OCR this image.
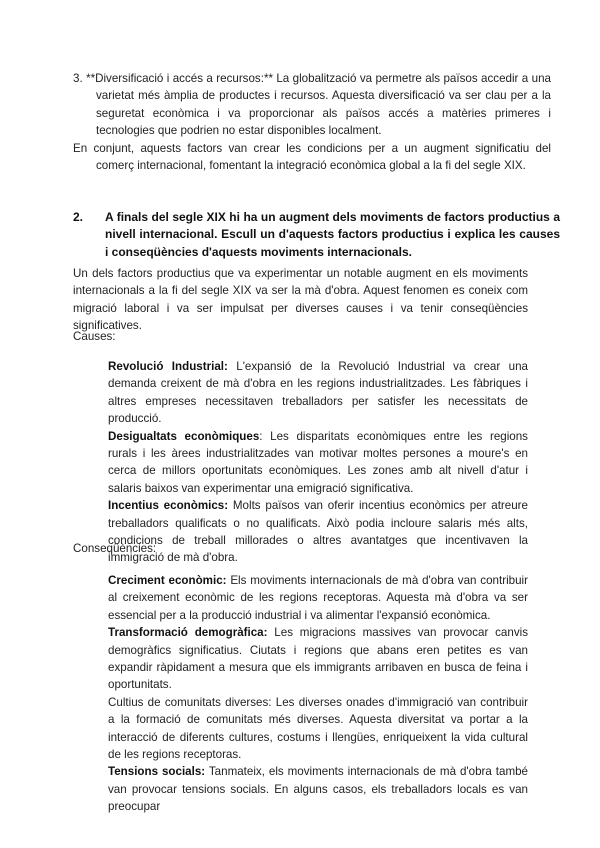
3. **Diversificació i accés a recursos:** La globalització va permetre als països accedir a una varietat més àmplia de productes i recursos. Aquesta diversificació va ser clau per a la seguretat econòmica i va proporcionar als països accés a matèries primeres i tecnologies que podrien no estar disponibles localment.

En conjunt, aquests factors van crear les condicions per a un augment significatiu del comerç internacional, fomentant la integració econòmica global a la fi del segle XIX.

2. A finals del segle XIX hi ha un augment dels moviments de factors productius a nivell internacional. Escull un d'aquests factors productius i explica les causes i conseqüències d'aquests moviments internacionals.

Un dels factors productius que va experimentar un notable augment en els moviments internacionals a la fi del segle XIX va ser la mà d'obra. Aquest fenomen es coneix com migració laboral i va ser impulsat per diverses causes i va tenir conseqüències significatives.

Causes:

Revolució Industrial: L'expansió de la Revolució Industrial va crear una demanda creixent de mà d'obra en les regions industrialitzades. Les fàbriques i altres empreses necessitaven treballadors per satisfer les necessitats de producció.

Desigualtats econòmiques: Les disparitats econòmiques entre les regions rurals i les àrees industrialitzades van motivar moltes persones a moure's en cerca de millors oportunitats econòmiques. Les zones amb alt nivell d'atur i salaris baixos van experimentar una emigració significativa.

Incentius econòmics: Molts països van oferir incentius econòmics per atreure treballadors qualificats o no qualificats. Això podia incloure salaris més alts, condicions de treball millorades o altres avantatges que incentivaven la immigració de mà d'obra.

Conseqüències:

Creciment econòmic: Els moviments internacionals de mà d'obra van contribuir al creixement econòmic de les regions receptoras. Aquesta mà d'obra va ser essencial per a la producció industrial i va alimentar l'expansió econòmica.

Transformació demogràfica: Les migracions massives van provocar canvis demogràfics significatius. Ciutats i regions que abans eren petites es van expandir ràpidament a mesura que els immigrants arribaven en busca de feina i oportunitats.

Cultius de comunitats diverses: Les diverses onades d'immigració van contribuir a la formació de comunitats més diverses. Aquesta diversitat va portar a la interacció de diferents cultures, costums i llengües, enriqueixent la vida cultural de les regions receptoras.

Tensions socials: Tanmateix, els moviments internacionals de mà d'obra també van provocar tensions socials. En alguns casos, els treballadors locals es van preocupar
